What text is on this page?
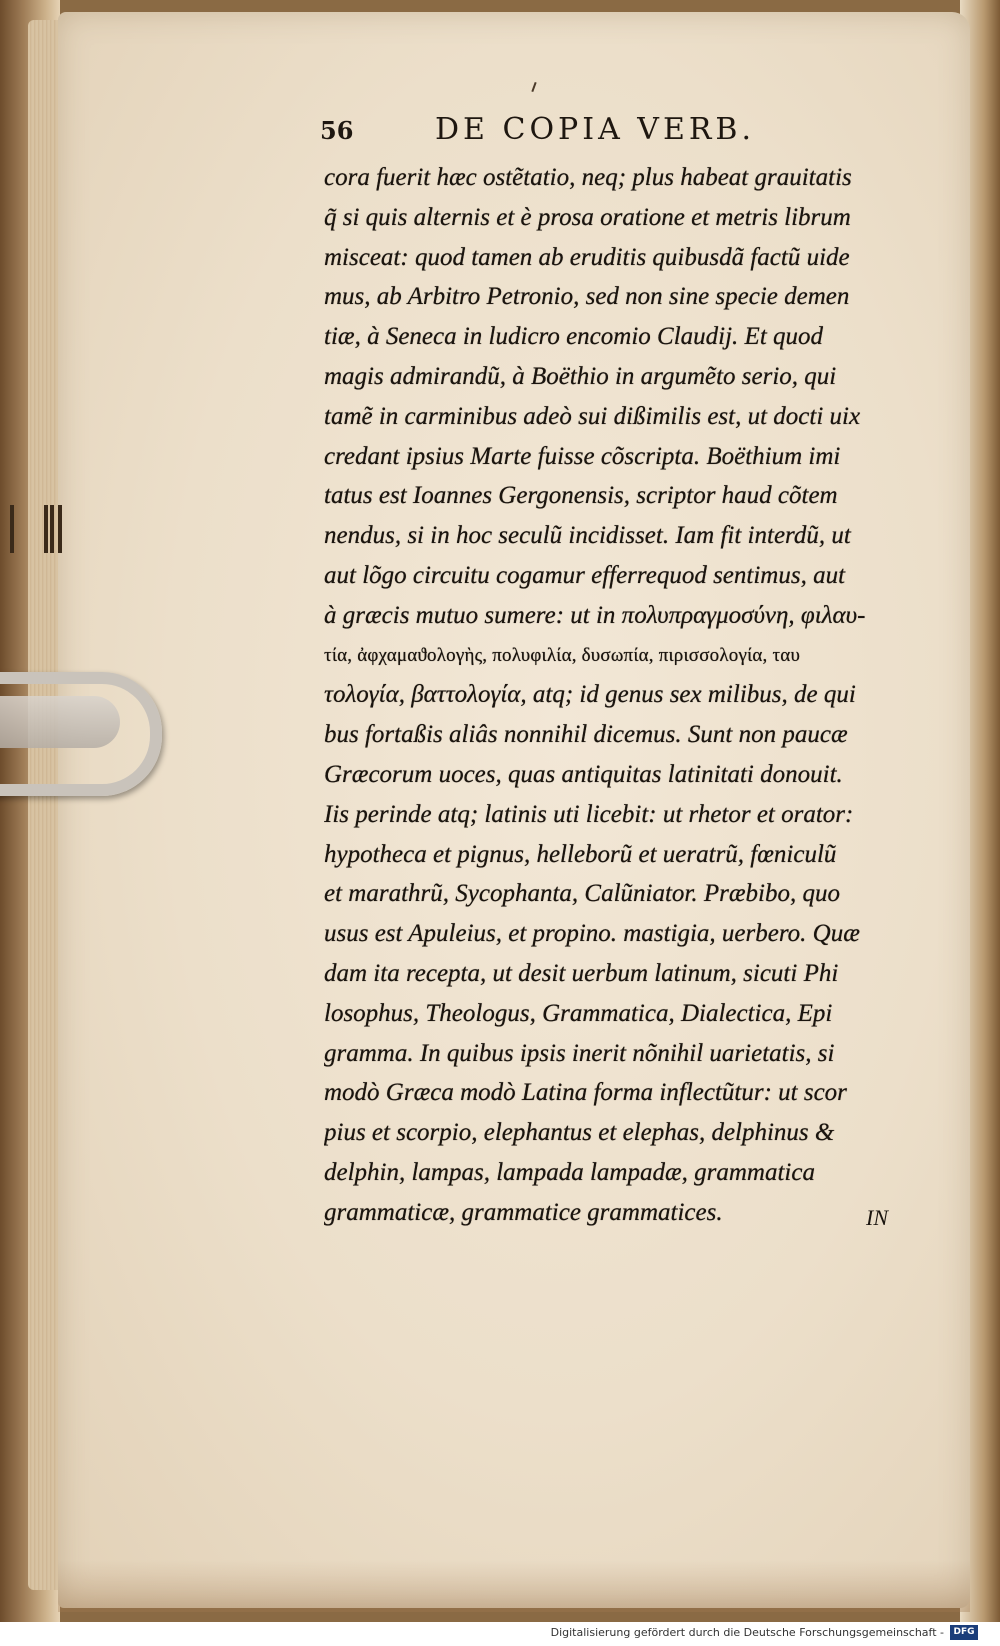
56	DE COPIA VERB.
cora fuerit hæc ostẽtatio, neq; plus habeat grauitatis
q̃ si quis alternis et è prosa oratione et metris librum
misceat: quod tamen ab eruditis quibusdã factũ uide
mus, ab Arbitro Petronio, sed non sine specie demen
tiæ, à Seneca in ludicro encomio Claudij. Et quod
magis admirandũ, à Boëthio in argumẽto serio, qui
tamẽ in carminibus adeò sui dißimilis est, ut docti uix
credant ipsius Marte fuisse cõscripta. Boëthium imi
tatus est Ioannes Gergonensis, scriptor haud cõtem
nendus, si in hoc seculũ incidisset. Iam fit interdũ, ut
aut lõgo circuitu cogamur efferrequod sentimus, aut
à græcis mutuo sumere: ut in πολυπραγμοσύνη, φιλαυ-
τία, ἀφχαμαϑολογὴς, πολυφιλία, δυσωπία, πιρισσολογία, ταυ
τολογία, βαττολογία, atq; id genus sex milibus, de qui
bus fortaßis aliâs nonnihil dicemus. Sunt non paucæ
Græcorum uoces, quas antiquitas latinitati donouit.
Iis perinde atq; latinis uti licebit: ut rhetor et orator:
hypotheca et pignus, helleborũ et ueratrũ, fœniculũ
et marathrũ, Sycophanta, Calũniator. Præbibo, quo
usus est Apuleius, et propino. mastigia, uerbero. Quæ
dam ita recepta, ut desit uerbum latinum, sicuti Phi
losophus, Theologus, Grammatica, Dialectica, Epi
gramma. In quibus ipsis inerit nõnihil uarietatis, si
modò Græca modò Latina forma inflectũtur: ut scor
pius et scorpio, elephantus et elephas, delphinus &
delphin, lampas, lampada lampadæ, grammatica
grammaticæ, grammatice grammatices.	IN
Digitalisierung gefördert durch die Deutsche Forschungsgemeinschaft -	DFG
